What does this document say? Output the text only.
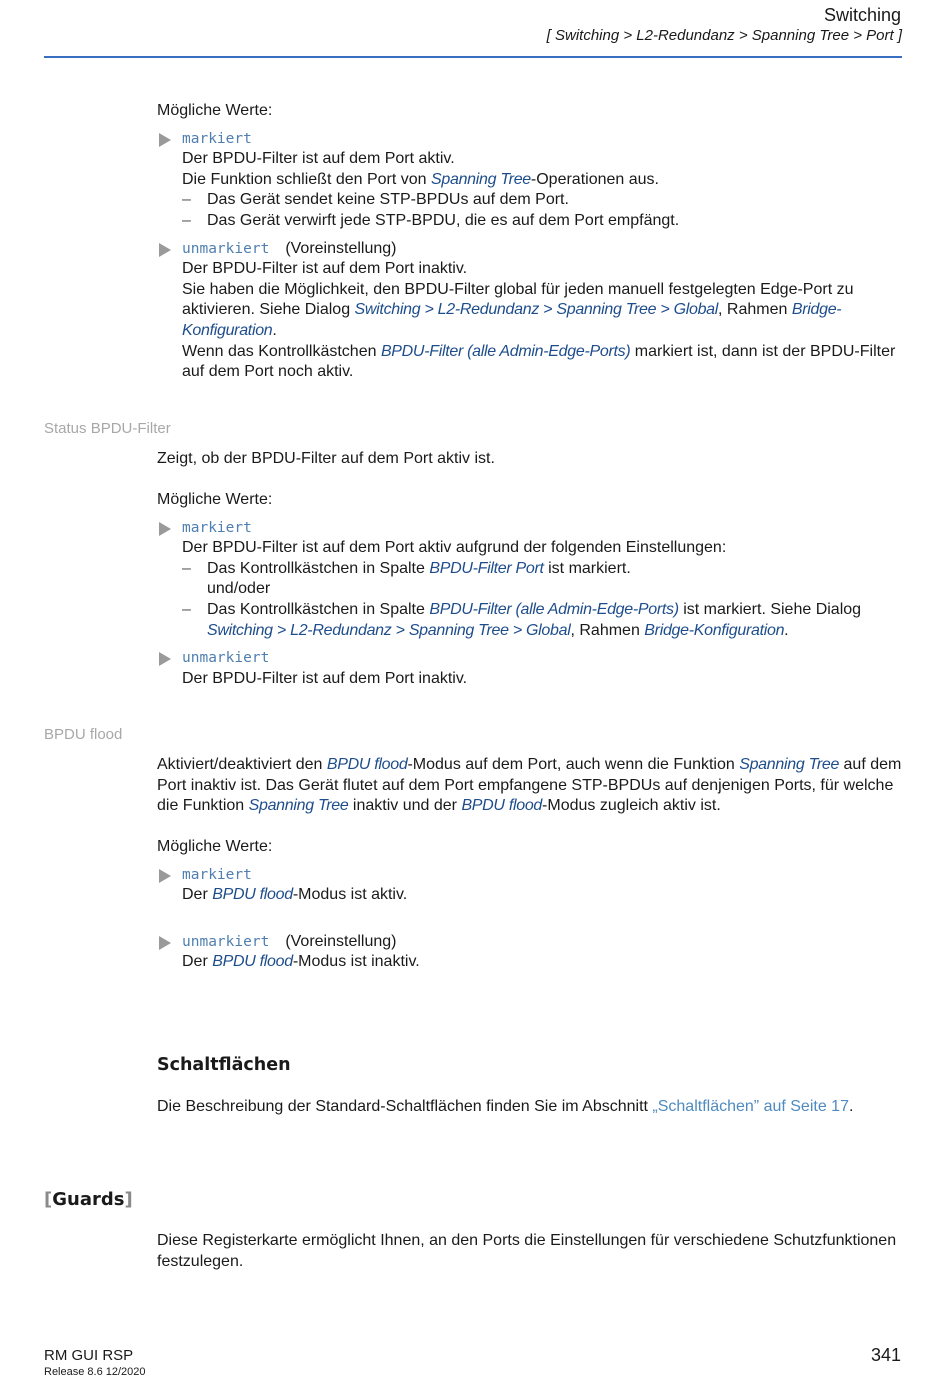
Switching
[ Switching > L2-Redundanz > Spanning Tree > Port ]
Mögliche Werte:
markiert
Der BPDU-Filter ist auf dem Port aktiv.
Die Funktion schließt den Port von Spanning Tree-Operationen aus.
– Das Gerät sendet keine STP-BPDUs auf dem Port.
– Das Gerät verwirft jede STP-BPDU, die es auf dem Port empfängt.
unmarkiert (Voreinstellung)
Der BPDU-Filter ist auf dem Port inaktiv.
Sie haben die Möglichkeit, den BPDU-Filter global für jeden manuell festgelegten Edge-Port zu aktivieren. Siehe Dialog Switching > L2-Redundanz > Spanning Tree > Global, Rahmen Bridge-Konfiguration.
Wenn das Kontrollkästchen BPDU-Filter (alle Admin-Edge-Ports) markiert ist, dann ist der BPDU-Filter auf dem Port noch aktiv.
Status BPDU-Filter
Zeigt, ob der BPDU-Filter auf dem Port aktiv ist.
Mögliche Werte:
markiert
Der BPDU-Filter ist auf dem Port aktiv aufgrund der folgenden Einstellungen:
– Das Kontrollkästchen in Spalte BPDU-Filter Port ist markiert.
und/oder
– Das Kontrollkästchen in Spalte BPDU-Filter (alle Admin-Edge-Ports) ist markiert. Siehe Dialog Switching > L2-Redundanz > Spanning Tree > Global, Rahmen Bridge-Konfiguration.
unmarkiert
Der BPDU-Filter ist auf dem Port inaktiv.
BPDU flood
Aktiviert/deaktiviert den BPDU flood-Modus auf dem Port, auch wenn die Funktion Spanning Tree auf dem Port inaktiv ist. Das Gerät flutet auf dem Port empfangene STP-BPDUs auf denjenigen Ports, für welche die Funktion Spanning Tree inaktiv und der BPDU flood-Modus zugleich aktiv ist.
Mögliche Werte:
markiert
Der BPDU flood-Modus ist aktiv.
unmarkiert (Voreinstellung)
Der BPDU flood-Modus ist inaktiv.
Schaltflächen
Die Beschreibung der Standard-Schaltflächen finden Sie im Abschnitt „Schaltflächen” auf Seite 17.
[Guards]
Diese Registerkarte ermöglicht Ihnen, an den Ports die Einstellungen für verschiedene Schutzfunktionen festzulegen.
RM GUI RSP
Release 8.6 12/2020
341
